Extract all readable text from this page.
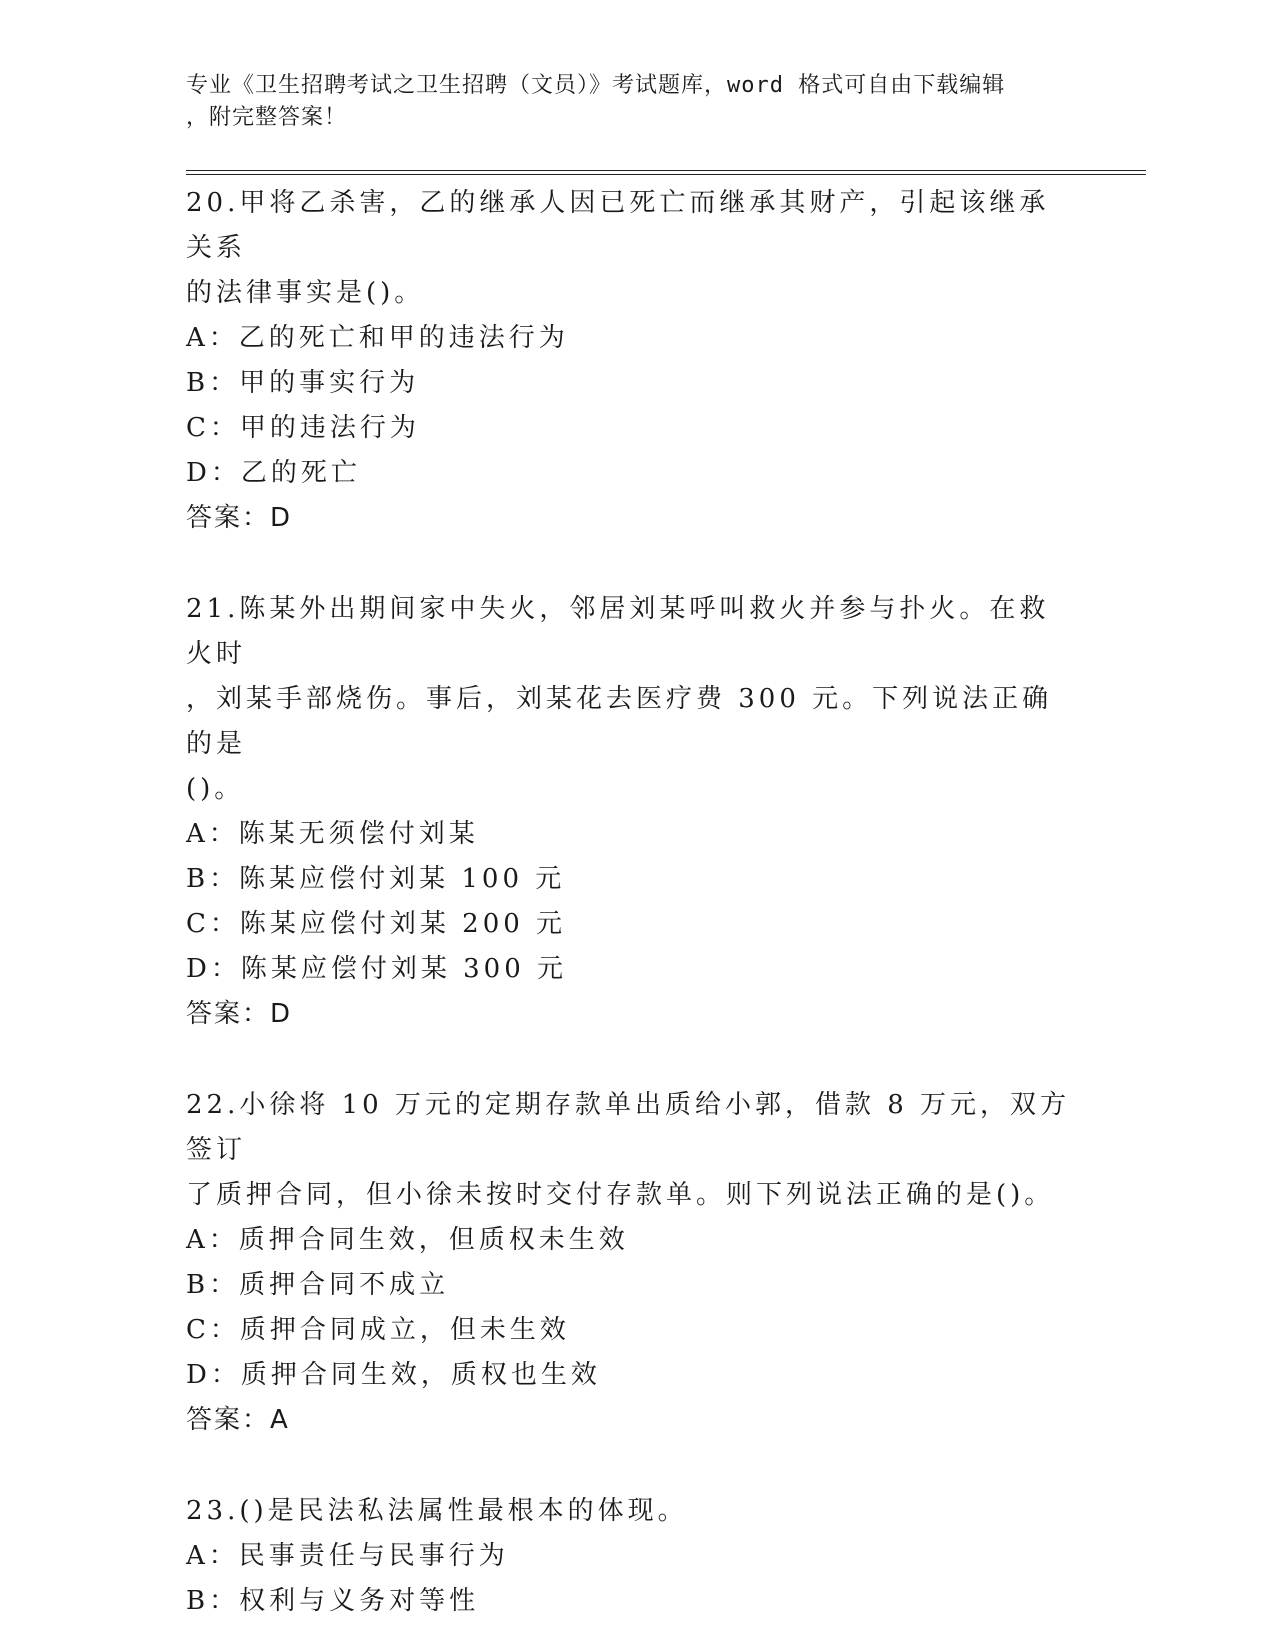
专业《卫生招聘考试之卫生招聘（文员）》考试题库，word 格式可自由下载编辑
，附完整答案！
20.甲将乙杀害，乙的继承人因已死亡而继承其财产，引起该继承关系
的法律事实是()。
A：乙的死亡和甲的违法行为
B：甲的事实行为
C：甲的违法行为
D：乙的死亡
答案：D
21.陈某外出期间家中失火，邻居刘某呼叫救火并参与扑火。在救火时
，刘某手部烧伤。事后，刘某花去医疗费 300 元。下列说法正确的是
()。
A：陈某无须偿付刘某
B：陈某应偿付刘某 100 元
C：陈某应偿付刘某 200 元
D：陈某应偿付刘某 300 元
答案：D
22.小徐将 10 万元的定期存款单出质给小郭，借款 8 万元，双方签订
了质押合同，但小徐未按时交付存款单。则下列说法正确的是()。
A：质押合同生效，但质权未生效
B：质押合同不成立
C：质押合同成立，但未生效
D：质押合同生效，质权也生效
答案：A
23.()是民法私法属性最根本的体现。
A：民事责任与民事行为
B：权利与义务对等性
